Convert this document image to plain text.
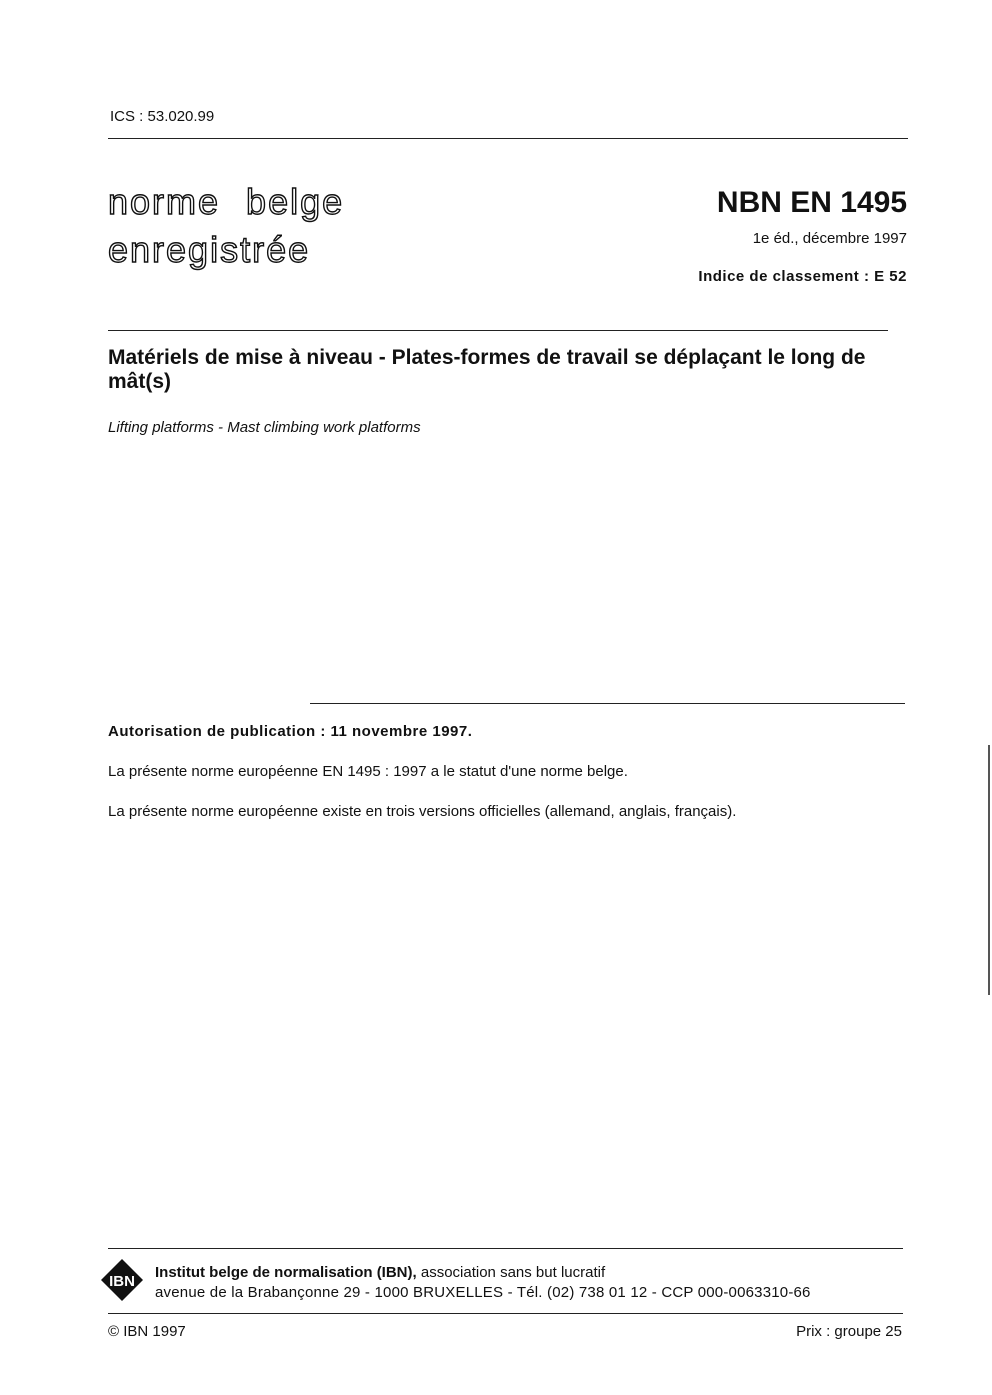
ICS : 53.020.99
norme belge
enregistrée
NBN EN 1495
1e éd., décembre 1997
Indice de classement : E 52
Matériels de mise à niveau - Plates-formes de travail se déplaçant le long de mât(s)
Lifting platforms - Mast climbing work platforms
Autorisation de publication : 11 novembre 1997.
La présente norme européenne EN 1495 : 1997 a le statut d'une norme belge.
La présente norme européenne existe en trois versions officielles (allemand, anglais, français).
IBN
Institut belge de normalisation (IBN), association sans but lucratif
avenue de la Brabançonne 29 - 1000 BRUXELLES - Tél. (02) 738 01 12 - CCP 000-0063310-66
© IBN 1997	Prix : groupe 25
